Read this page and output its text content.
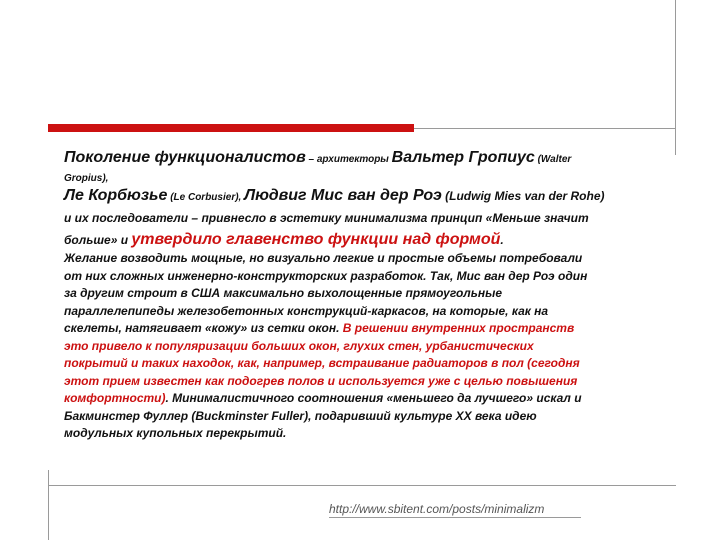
Поколение функционалистов – архитекторы Вальтер Гропиус (Walter
Gropius),
Ле Корбюзье (Le Corbusier), Людвиг Мис ван дер Роэ (Ludwig Mies van der Rohe)
и их последователи – привнесло в эстетику минимализма принцип «Меньше значит
больше» и утвердило главенство функции над формой.
Желание возводить мощные, но визуально легкие и простые объемы потребовали
от них сложных инженерно-конструкторских разработок. Так, Мис ван дер Роэ один
за другим строит в США максимально выхолощенные прямоугольные
параллелепипеды железобетонных конструкций-каркасов, на которые, как на
скелеты, натягивает «кожу» из сетки окон. В решении внутренних пространств
это привело к популяризации больших окон, глухих стен, урбанистических
покрытий и таких находок, как, например, встраивание радиаторов в пол (сегодня
этот прием известен как подогрев полов и используется уже с целью повышения
комфортности). Минималистичного соотношения «меньшего да лучшего» искал и
Бакминстер Фуллер (Buckminster Fuller), подаривший культуре XX века идею
модульных купольных перекрытий.
http://www.sbitent.com/posts/minimalizm
